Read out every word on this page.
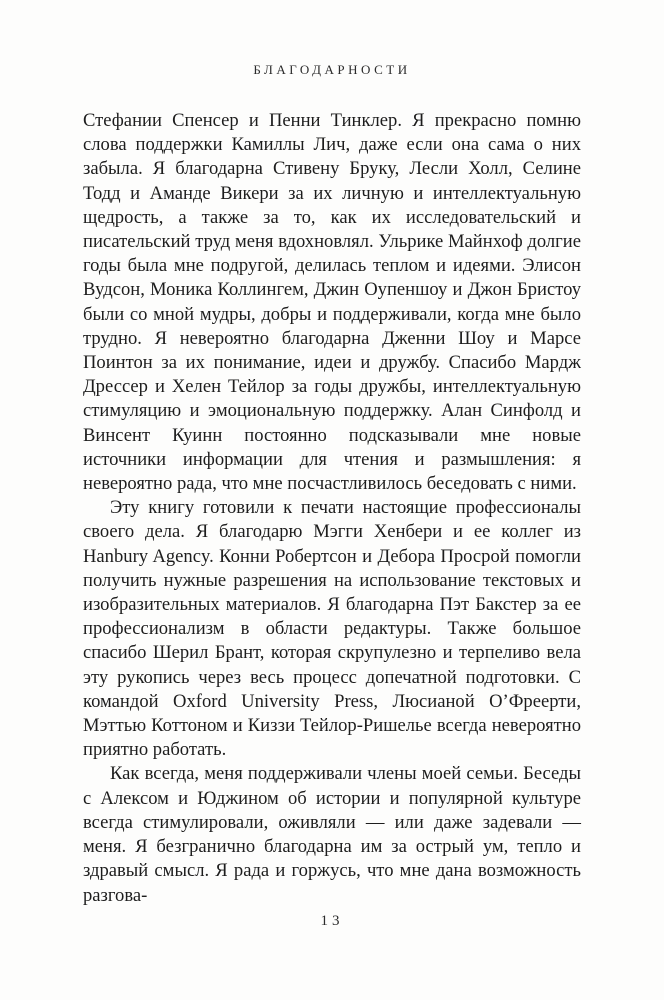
БЛАГОДАРНОСТИ

Стефании Спенсер и Пенни Тинклер. Я прекрасно помню слова поддержки Камиллы Лич, даже если она сама о них забыла. Я благодарна Стивену Бруку, Лесли Холл, Селине Тодд и Аманде Викери за их личную и интеллектуальную щедрость, а также за то, как их исследовательский и писательский труд меня вдохновлял. Ульрике Майнхоф долгие годы была мне подругой, делилась теплом и идеями. Элисон Вудсон, Моника Коллингем, Джин Оупеншоу и Джон Бристоу были со мной мудры, добры и поддерживали, когда мне было трудно. Я невероятно благодарна Дженни Шоу и Марсе Поинтон за их понимание, идеи и дружбу. Спасибо Мардж Дрессер и Хелен Тейлор за годы дружбы, интеллектуальную стимуляцию и эмоциональную поддержку. Алан Синфолд и Винсент Куинн постоянно подсказывали мне новые источники информации для чтения и размышления: я невероятно рада, что мне посчастливилось беседовать с ними.

Эту книгу готовили к печати настоящие профессионалы своего дела. Я благодарю Мэгги Хенбери и ее коллег из Hanbury Agency. Конни Робертсон и Дебора Просрой помогли получить нужные разрешения на использование текстовых и изобразительных материалов. Я благодарна Пэт Бакстер за ее профессионализм в области редактуры. Также большое спасибо Шерил Брант, которая скрупулезно и терпеливо вела эту рукопись через весь процесс допечатной подготовки. С командой Oxford University Press, Люсианой О’Фреерти, Мэттью Коттоном и Киззи Тейлор-Ришелье всегда невероятно приятно работать.

Как всегда, меня поддерживали члены моей семьи. Беседы с Алексом и Юджином об истории и популярной культуре всегда стимулировали, оживляли — или даже задевали — меня. Я безгранично благодарна им за острый ум, тепло и здравый смысл. Я рада и горжусь, что мне дана возможность разгова-

13
